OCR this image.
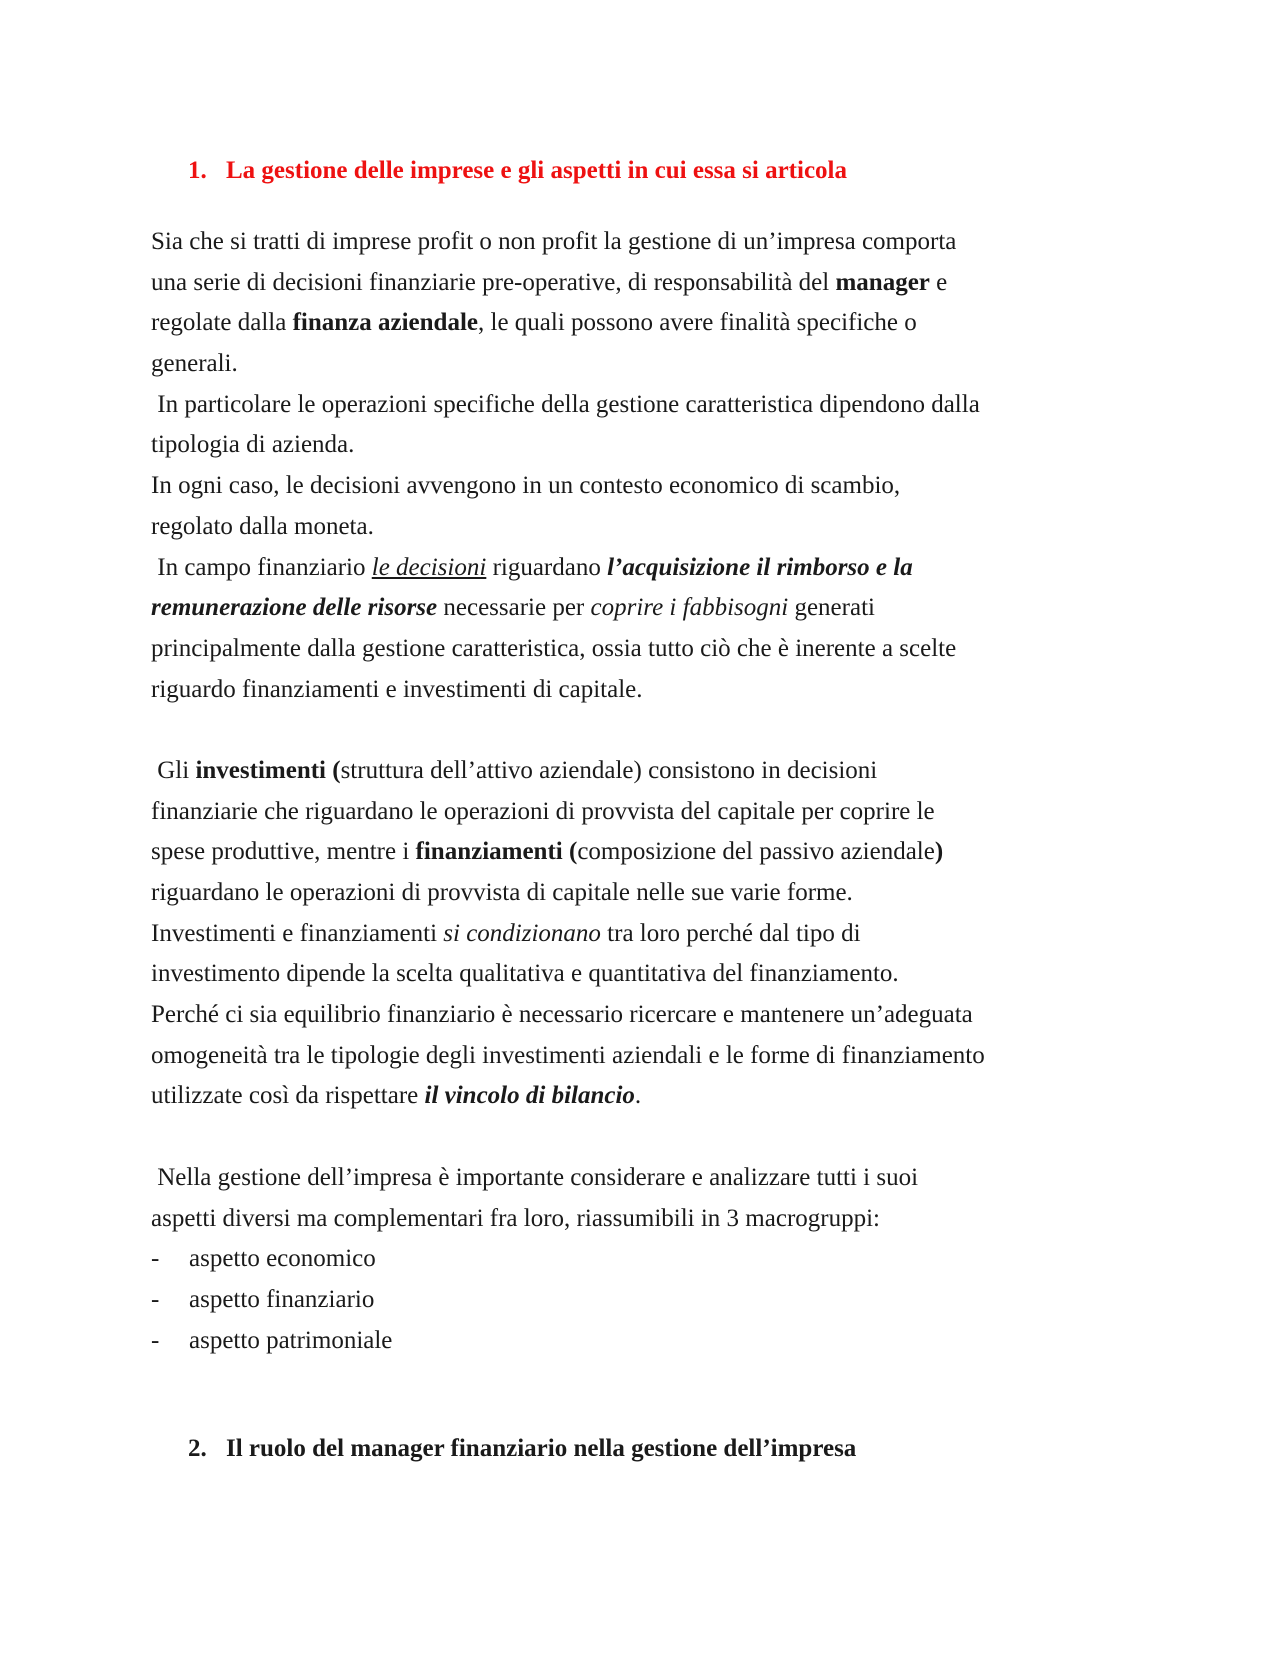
1. La gestione delle imprese e gli aspetti in cui essa si articola
Sia che si tratti di imprese profit o non profit la gestione di un’impresa comporta
una serie di decisioni finanziarie pre-operative, di responsabilità del manager e
regolate dalla finanza aziendale, le quali possono avere finalità specifiche o
generali.
In particolare le operazioni specifiche della gestione caratteristica dipendono dalla
tipologia di azienda.
In ogni caso, le decisioni avvengono in un contesto economico di scambio,
regolato dalla moneta.
In campo finanziario le decisioni riguardano l’acquisizione il rimborso e la
remunerazione delle risorse necessarie per coprire i fabbisogni generati
principalmente dalla gestione caratteristica, ossia tutto ciò che è inerente a scelte
riguardo finanziamenti e investimenti di capitale.
Gli investimenti (struttura dell’attivo aziendale) consistono in decisioni
finanziarie che riguardano le operazioni di provvista del capitale per coprire le
spese produttive, mentre i finanziamenti (composizione del passivo aziendale)
riguardano le operazioni di provvista di capitale nelle sue varie forme.
Investimenti e finanziamenti si condizionano tra loro perché dal tipo di
investimento dipende la scelta qualitativa e quantitativa del finanziamento.
Perché ci sia equilibrio finanziario è necessario ricercare e mantenere un’adeguata
omogeneità tra le tipologie degli investimenti aziendali e le forme di finanziamento
utilizzate così da rispettare il vincolo di bilancio.
Nella gestione dell’impresa è importante considerare e analizzare tutti i suoi
aspetti diversi ma complementari fra loro, riassumibili in 3 macrogruppi:
- aspetto economico
- aspetto finanziario
- aspetto patrimoniale
2. Il ruolo del manager finanziario nella gestione dell’impresa
